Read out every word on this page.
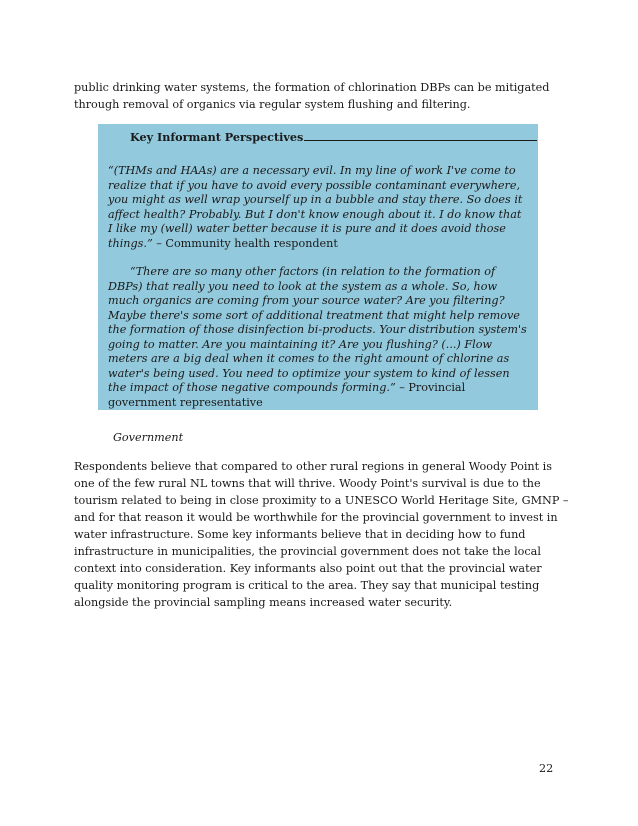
public drinking water systems, the formation of chlorination DBPs can be mitigated through removal of organics via regular system flushing and filtering.

Key Informant Perspectives

“(THMs and HAAs) are a necessary evil. In my line of work I've come to realize that if you have to avoid every possible contaminant everywhere, you might as well wrap yourself up in a bubble and stay there. So does it affect health? Probably. But I don't know enough about it. I do know that I like my (well) water better because it is pure and it does avoid those things.” – Community health respondent

“There are so many other factors (in relation to the formation of DBPs) that really you need to look at the system as a whole. So, how much organics are coming from your source water? Are you filtering? Maybe there's some sort of additional treatment that might help remove the formation of those disinfection bi-products. Your distribution system's going to matter. Are you maintaining it? Are you flushing? (...) Flow meters are a big deal when it comes to the right amount of chlorine as water's being used. You need to optimize your system to kind of lessen the impact of those negative compounds forming.” – Provincial government representative

Government

Respondents believe that compared to other rural regions in general Woody Point is one of the few rural NL towns that will thrive. Woody Point's survival is due to the tourism related to being in close proximity to a UNESCO World Heritage Site, GMNP – and for that reason it would be worthwhile for the provincial government to invest in water infrastructure. Some key informants believe that in deciding how to fund infrastructure in municipalities, the provincial government does not take the local context into consideration. Key informants also point out that the provincial water quality monitoring program is critical to the area. They say that municipal testing alongside the provincial sampling means increased water security.

22
